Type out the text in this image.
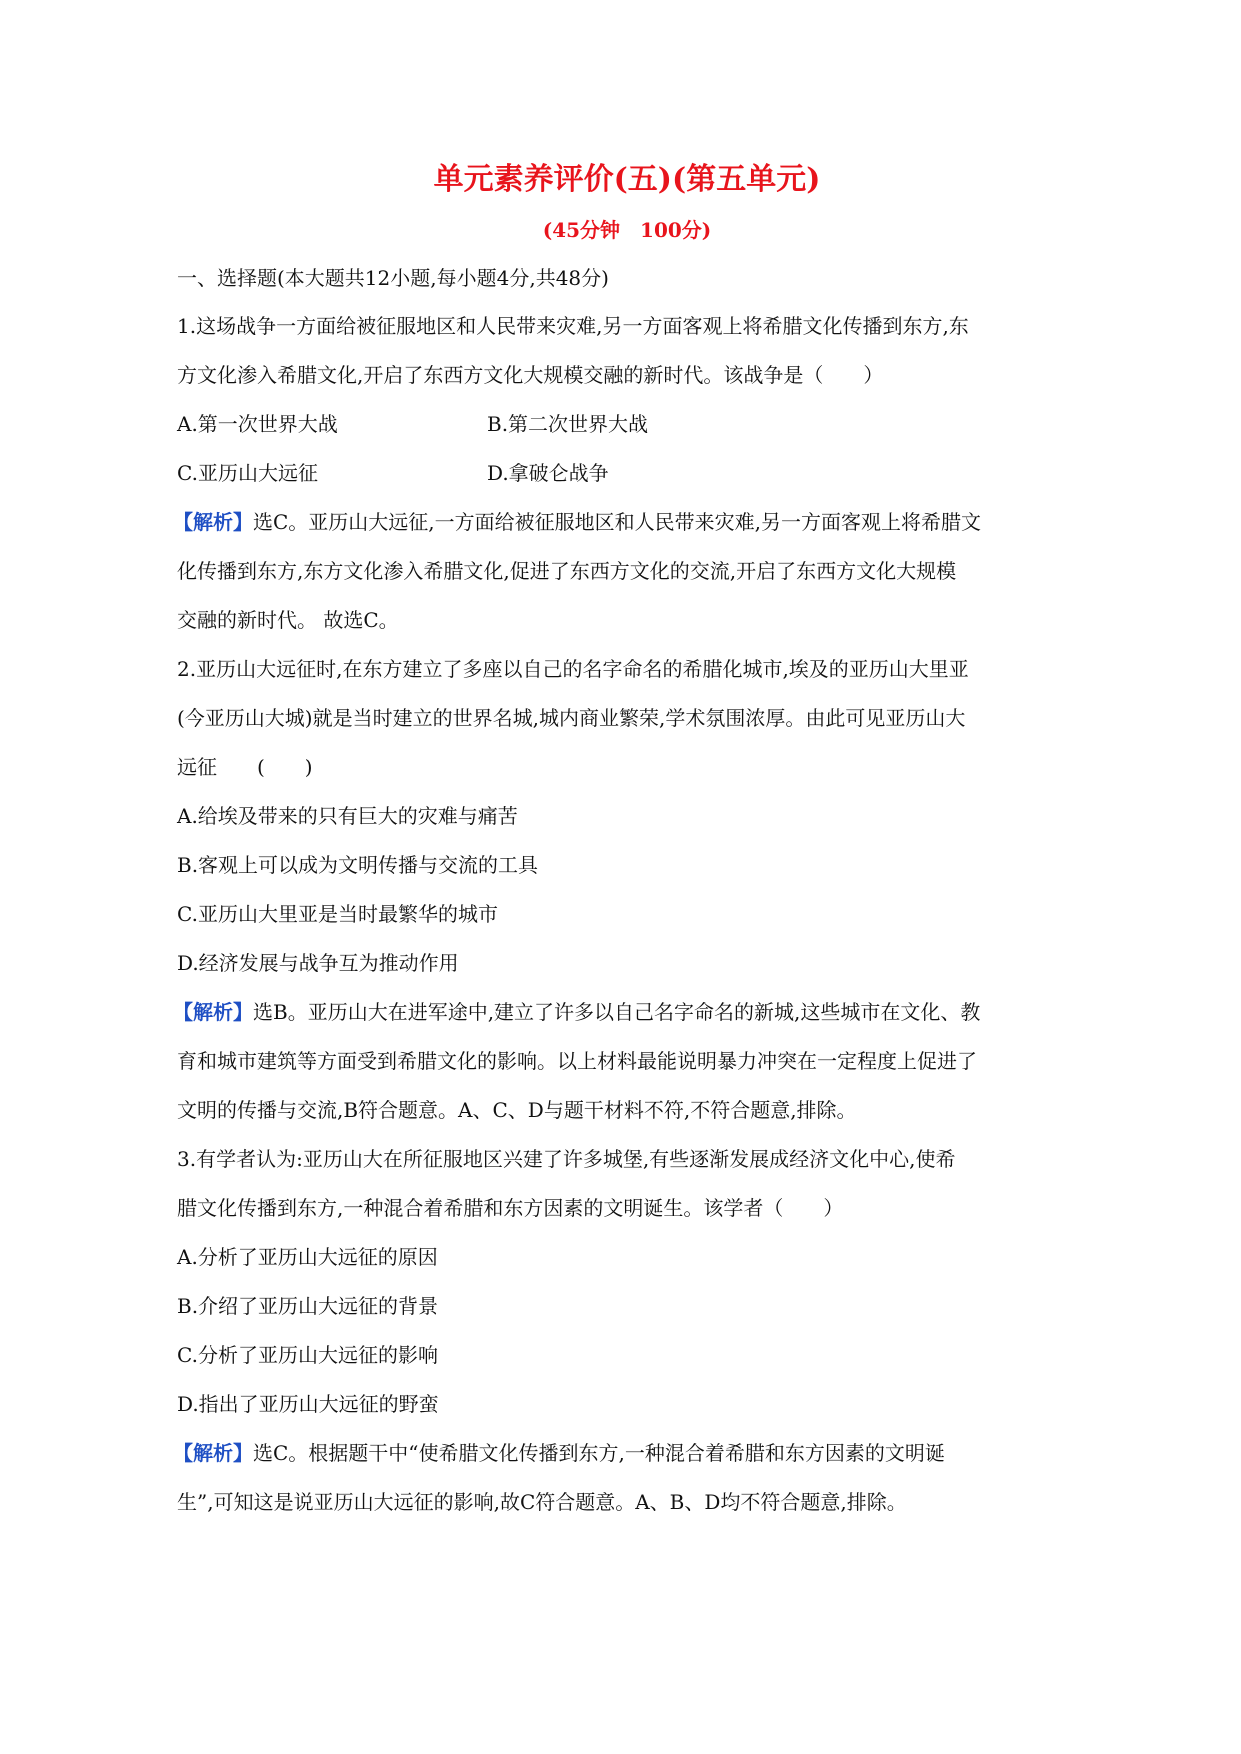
单元素养评价(五)(第五单元)
(45分钟　100分)
一、选择题(本大题共12小题,每小题4分,共48分)

1.这场战争一方面给被征服地区和人民带来灾难,另一方面客观上将希腊文化传播到东方,东

方文化渗入希腊文化,开启了东西方文化大规模交融的新时代。该战争是（　　）

A.第一次世界大战	B.第二次世界大战
C.亚历山大远征	D.拿破仑战争

【解析】选C。亚历山大远征,一方面给被征服地区和人民带来灾难,另一方面客观上将希腊文

化传播到东方,东方文化渗入希腊文化,促进了东西方文化的交流,开启了东西方文化大规模

交融的新时代。 故选C。

2.亚历山大远征时,在东方建立了多座以自己的名字命名的希腊化城市,埃及的亚历山大里亚

(今亚历山大城)就是当时建立的世界名城,城内商业繁荣,学术氛围浓厚。由此可见亚历山大

远征　　(　　)

A.给埃及带来的只有巨大的灾难与痛苦
B.客观上可以成为文明传播与交流的工具
C.亚历山大里亚是当时最繁华的城市
D.经济发展与战争互为推动作用

【解析】选B。亚历山大在进军途中,建立了许多以自己名字命名的新城,这些城市在文化、教

育和城市建筑等方面受到希腊文化的影响。以上材料最能说明暴力冲突在一定程度上促进了

文明的传播与交流,B符合题意。A、C、D与题干材料不符,不符合题意,排除。

3.有学者认为:亚历山大在所征服地区兴建了许多城堡,有些逐渐发展成经济文化中心,使希

腊文化传播到东方,一种混合着希腊和东方因素的文明诞生。该学者（　　）

A.分析了亚历山大远征的原因
B.介绍了亚历山大远征的背景
C.分析了亚历山大远征的影响
D.指出了亚历山大远征的野蛮

【解析】选C。根据题干中“使希腊文化传播到东方,一种混合着希腊和东方因素的文明诞

生”,可知这是说亚历山大远征的影响,故C符合题意。A、B、D均不符合题意,排除。
